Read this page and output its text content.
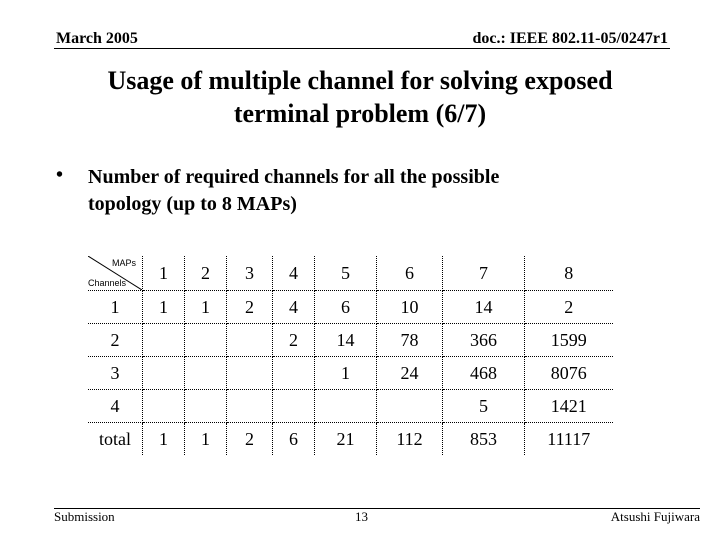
March 2005	doc.: IEEE 802.11-05/0247r1
Usage of multiple channel for solving exposed
terminal problem (6/7)
•	Number of required channels for all the possible
topology (up to 8 MAPs)
MAPs
Channels	1	2	3	4	5	6	7	8
1	1	1	2	4	6	10	14	2
2				2	14	78	366	1599
3					1	24	468	8076
4							5	1421
total	1	1	2	6	21	112	853	11117
Submission	13	Atsushi Fujiwara
